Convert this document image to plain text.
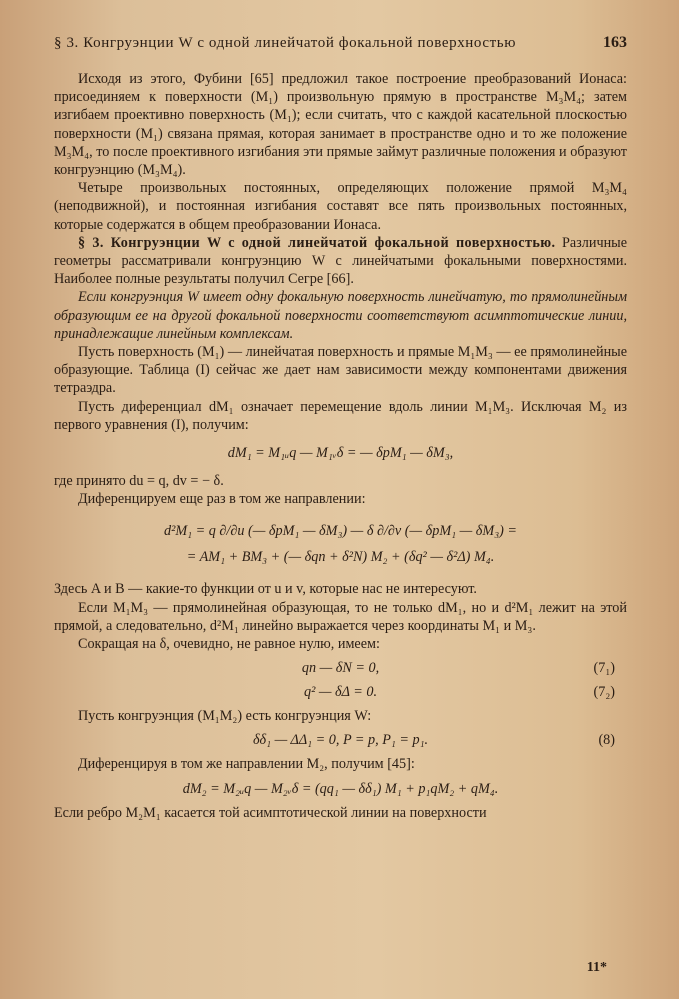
§ 3. Конгруэнции W с одной линейчатой фокальной поверхностью	163

Исходя из этого, Фубини [65] предложил такое построение преобразований Ионаса: присоединяем к поверхности (M₁) произвольную прямую в пространстве M₃M₄; затем изгибаем проективно поверхность (M₁); если считать, что с каждой касательной плоскостью поверхности (M₁) связана прямая, которая занимает в пространстве одно и то же положение M₃M₄, то после проективного изгибания эти прямые займут различные положения и образуют конгруэнцию (M₃M₄).

Четыре произвольных постоянных, определяющих положение прямой M₃M₄ (неподвижной), и постоянная изгибания составят все пять произвольных постоянных, которые содержатся в общем преобразовании Ионаса.

§ 3. Конгруэнции W с одной линейчатой фокальной поверхностью. Различные геометры рассматривали конгруэнцию W с линейчатыми фокальными поверхностями. Наиболее полные результаты получил Сегре [66].

Если конгруэнция W имеет одну фокальную поверхность линейчатую, то прямолинейным образующим ее на другой фокальной поверхности соответствуют асимптотические линии, принадлежащие линейным комплексам.

Пусть поверхность (M₁) — линейчатая поверхность и прямые M₁M₃ — ее прямолинейные образующие. Таблица (I) сейчас же дает нам зависимости между компонентами движения тетраэдра.

Пусть диференциал dM₁ означает перемещение вдоль линии M₁M₃. Исключая M₂ из первого уравнения (I), получим:

dM₁ = M₁ᵤq — M₁ᵥδ = — δpM₁ — δM₃,

где принято du = q, dv = − δ.

Диференцируем еще раз в том же направлении:

d²M₁ = q ∂/∂u (— δpM₁ — δM₃) — δ ∂/∂v (— δpM₁ — δM₃) =
= AM₁ + BM₃ + (— δqn + δ²N) M₂ + (δq² — δ²Δ) M₄.

Здесь A и B — какие-то функции от u и v, которые нас не интересуют.

Если M₁M₃ — прямолинейная образующая, то не только dM₁, но и d²M₁ лежит на этой прямой, а следовательно, d²M₁ линейно выражается через координаты M₁ и M₃.

Сокращая на δ, очевидно, не равное нулю, имеем:

qn — δN = 0,	(7₁)
q² — δΔ = 0.	(7₂)

Пусть конгруэнция (M₁M₂) есть конгруэнция W:

δδ₁ — ΔΔ₁ = 0, P = p, P₁ = p₁.	(8)

Диференцируя в том же направлении M₂, получим [45]:

dM₂ = M₂ᵤq — M₂ᵥδ = (qq₁ — δδ₁) M₁ + p₁qM₂ + qM₄.

Если ребро M₂M₁ касается той асимптотической линии на поверхности

11*
